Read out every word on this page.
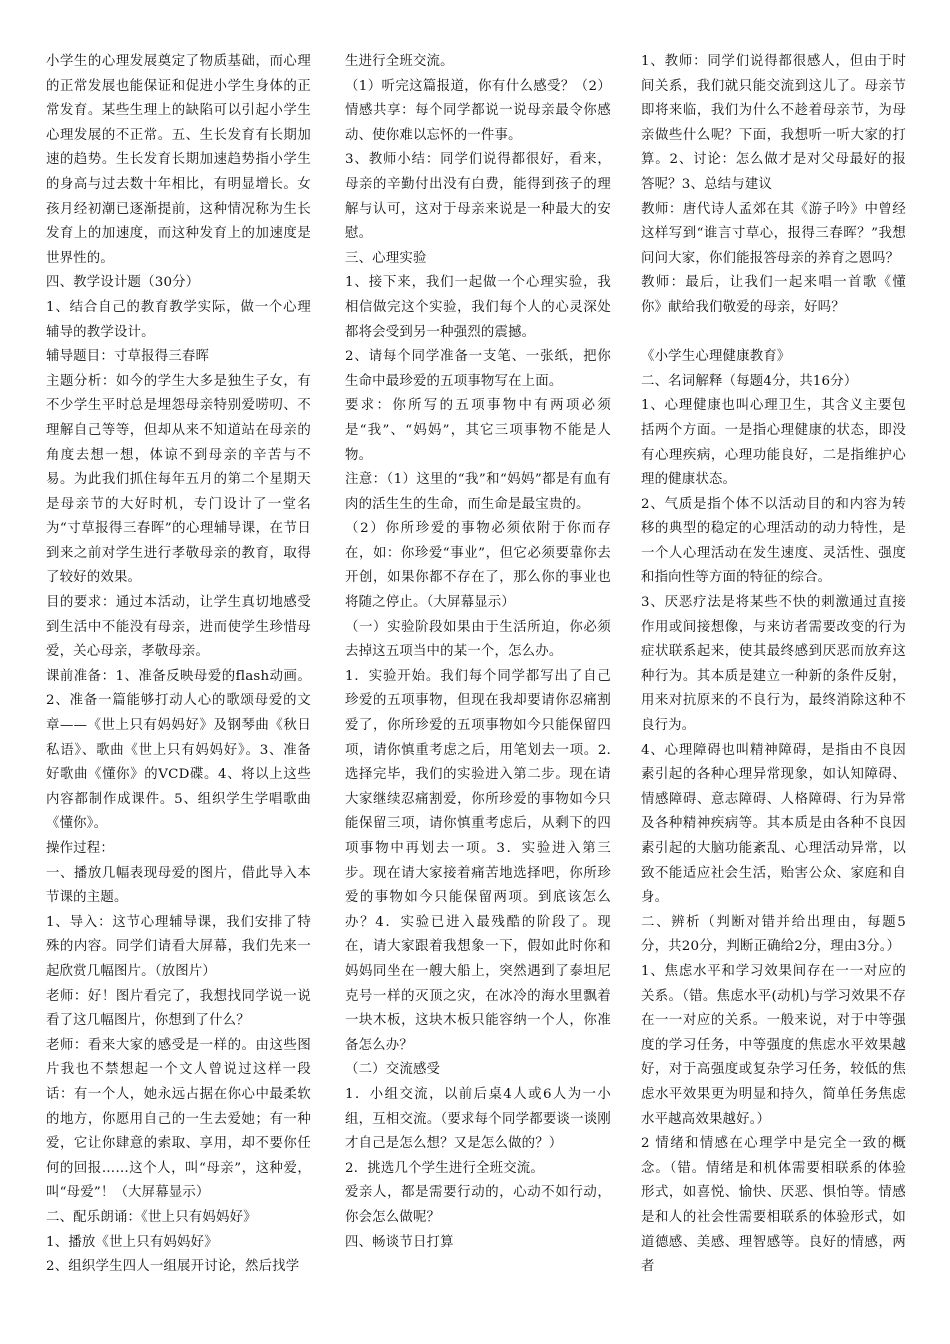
小学生的心理发展奠定了物质基础，而心理的正常发展也能保证和促进小学生身体的正常发育。某些生理上的缺陷可以引起小学生心理发展的不正常。五、生长发育有长期加速的趋势。生长发育长期加速趋势指小学生的身高与过去数十年相比，有明显增长。女孩月经初潮已逐渐提前，这种情况称为生长发育上的加速度，而这种发育上的加速度是世界性的。

四、教学设计题（30分）

1、结合自己的教育教学实际，做一个心理辅导的教学设计。

辅导题目：寸草报得三春晖

主题分析：如今的学生大多是独生子女，有不少学生平时总是埋怨母亲特别爱唠叨、不理解自己等等，但却从来不知道站在母亲的角度去想一想，体谅不到母亲的辛苦与不易。为此我们抓住每年五月的第二个星期天是母亲节的大好时机，专门设计了一堂名为“寸草报得三春晖”的心理辅导课，在节日到来之前对学生进行孝敬母亲的教育，取得了较好的效果。

目的要求：通过本活动，让学生真切地感受到生活中不能没有母亲，进而使学生珍惜母爱，关心母亲，孝敬母亲。

课前准备：1、准备反映母爱的flash动画。2、准备一篇能够打动人心的歌颂母爱的文章——《世上只有妈妈好》及钢琴曲《秋日私语》、歌曲《世上只有妈妈好》。3、准备好歌曲《懂你》的VCD碟。4、将以上这些内容都制作成课件。5、组织学生学唱歌曲《懂你》。

操作过程：

一、播放几幅表现母爱的图片，借此导入本节课的主题。

1、导入：这节心理辅导课，我们安排了特殊的内容。同学们请看大屏幕，我们先来一起欣赏几幅图片。（放图片）

老师：好！图片看完了，我想找同学说一说看了这几幅图片，你想到了什么？

老师：看来大家的感受是一样的。由这些图片我也不禁想起一个文人曾说过这样一段话：有一个人，她永远占据在你心中最柔软的地方，你愿用自己的一生去爱她；有一种爱，它让你肆意的索取、享用，却不要你任何的回报……这个人，叫“母亲”，这种爱，叫“母爱”！（大屏幕显示）

二、配乐朗诵：《世上只有妈妈好》

1、播放《世上只有妈妈好》

2、组织学生四人一组展开讨论，然后找学

生进行全班交流。

（1）听完这篇报道，你有什么感受？（2）情感共享：每个同学都说一说母亲最令你感动、使你难以忘怀的一件事。

3、教师小结：同学们说得都很好，看来，母亲的辛勤付出没有白费，能得到孩子的理解与认可，这对于母亲来说是一种最大的安慰。

三、心理实验

1、接下来，我们一起做一个心理实验，我相信做完这个实验，我们每个人的心灵深处都将会受到另一种强烈的震撼。

2、请每个同学准备一支笔、一张纸，把你生命中最珍爱的五项事物写在上面。

要求：你所写的五项事物中有两项必须是“我”、“妈妈”，其它三项事物不能是人物。

注意：（1）这里的“我”和“妈妈”都是有血有肉的活生生的生命，而生命是最宝贵的。

（2）你所珍爱的事物必须依附于你而存在，如：你珍爱“事业”，但它必须要靠你去开创，如果你都不存在了，那么你的事业也将随之停止。（大屏幕显示）

（一）实验阶段如果由于生活所迫，你必须去掉这五项当中的某一个，怎么办。

1．实验开始。我们每个同学都写出了自己珍爱的五项事物，但现在我却要请你忍痛割爱了，你所珍爱的五项事物如今只能保留四项，请你慎重考虑之后，用笔划去一项。2. 选择完毕，我们的实验进入第二步。现在请大家继续忍痛割爱，你所珍爱的事物如今只能保留三项，请你慎重考虑后，从剩下的四项事物中再划去一项。3．实验进入第三步。现在请大家接着痛苦地选择吧，你所珍爱的事物如今只能保留两项。到底该怎么办？4．实验已进入最残酷的阶段了。现在，请大家跟着我想象一下，假如此时你和妈妈同坐在一艘大船上，突然遇到了泰坦尼克号一样的灭顶之灾，在冰冷的海水里飘着一块木板，这块木板只能容纳一个人，你准备怎么办？

（二）交流感受

1．小组交流，以前后桌4人或6人为一小组，互相交流。（要求每个同学都要谈一谈刚才自己是怎么想？又是怎么做的？）

2．挑选几个学生进行全班交流。

爱亲人，都是需要行动的，心动不如行动，你会怎么做呢？

四、畅谈节日打算

1、教师：同学们说得都很感人，但由于时间关系，我们就只能交流到这儿了。母亲节即将来临，我们为什么不趁着母亲节，为母亲做些什么呢？下面，我想听一听大家的打算。2、讨论：怎么做才是对父母最好的报答呢？3、总结与建议

教师：唐代诗人孟郊在其《游子吟》中曾经这样写到“谁言寸草心，报得三春晖？”我想问问大家，你们能报答母亲的养育之恩吗？

教师：最后，让我们一起来唱一首歌《懂你》献给我们敬爱的母亲，好吗？

《小学生心理健康教育》

二、名词解释（每题4分，共16分）

1、心理健康也叫心理卫生，其含义主要包括两个方面。一是指心理健康的状态，即没有心理疾病，心理功能良好，二是指维护心理的健康状态。

2、气质是指个体不以活动目的和内容为转移的典型的稳定的心理活动的动力特性，是一个人心理活动在发生速度、灵活性、强度和指向性等方面的特征的综合。

3、厌恶疗法是将某些不快的刺激通过直接作用或间接想像，与来访者需要改变的行为症状联系起来，使其最终感到厌恶而放弃这种行为。其本质是建立一种新的条件反射，用来对抗原来的不良行为，最终消除这种不良行为。

4、心理障碍也叫精神障碍，是指由不良因素引起的各种心理异常现象，如认知障碍、情感障碍、意志障碍、人格障碍、行为异常及各种精神疾病等。其本质是由各种不良因素引起的大脑功能紊乱、心理活动异常，以致不能适应社会生活，贻害公众、家庭和自身。

二、辨析（判断对错并给出理由，每题5分，共20分，判断正确给2分，理由3分。）

1、焦虑水平和学习效果间存在一一对应的关系。（错。焦虑水平(动机)与学习效果不存在一一对应的关系。一般来说，对于中等强度的学习任务，中等强度的焦虑水平效果越好，对于高强度或复杂学习任务，较低的焦虑水平效果更为明显和持久，简单任务焦虑水平越高效果越好。）

2 情绪和情感在心理学中是完全一致的概念。（错。情绪是和机体需要相联系的体验形式，如喜悦、愉快、厌恶、惧怕等。情感是和人的社会性需要相联系的体验形式，如道德感、美感、理智感等。良好的情感，两者
